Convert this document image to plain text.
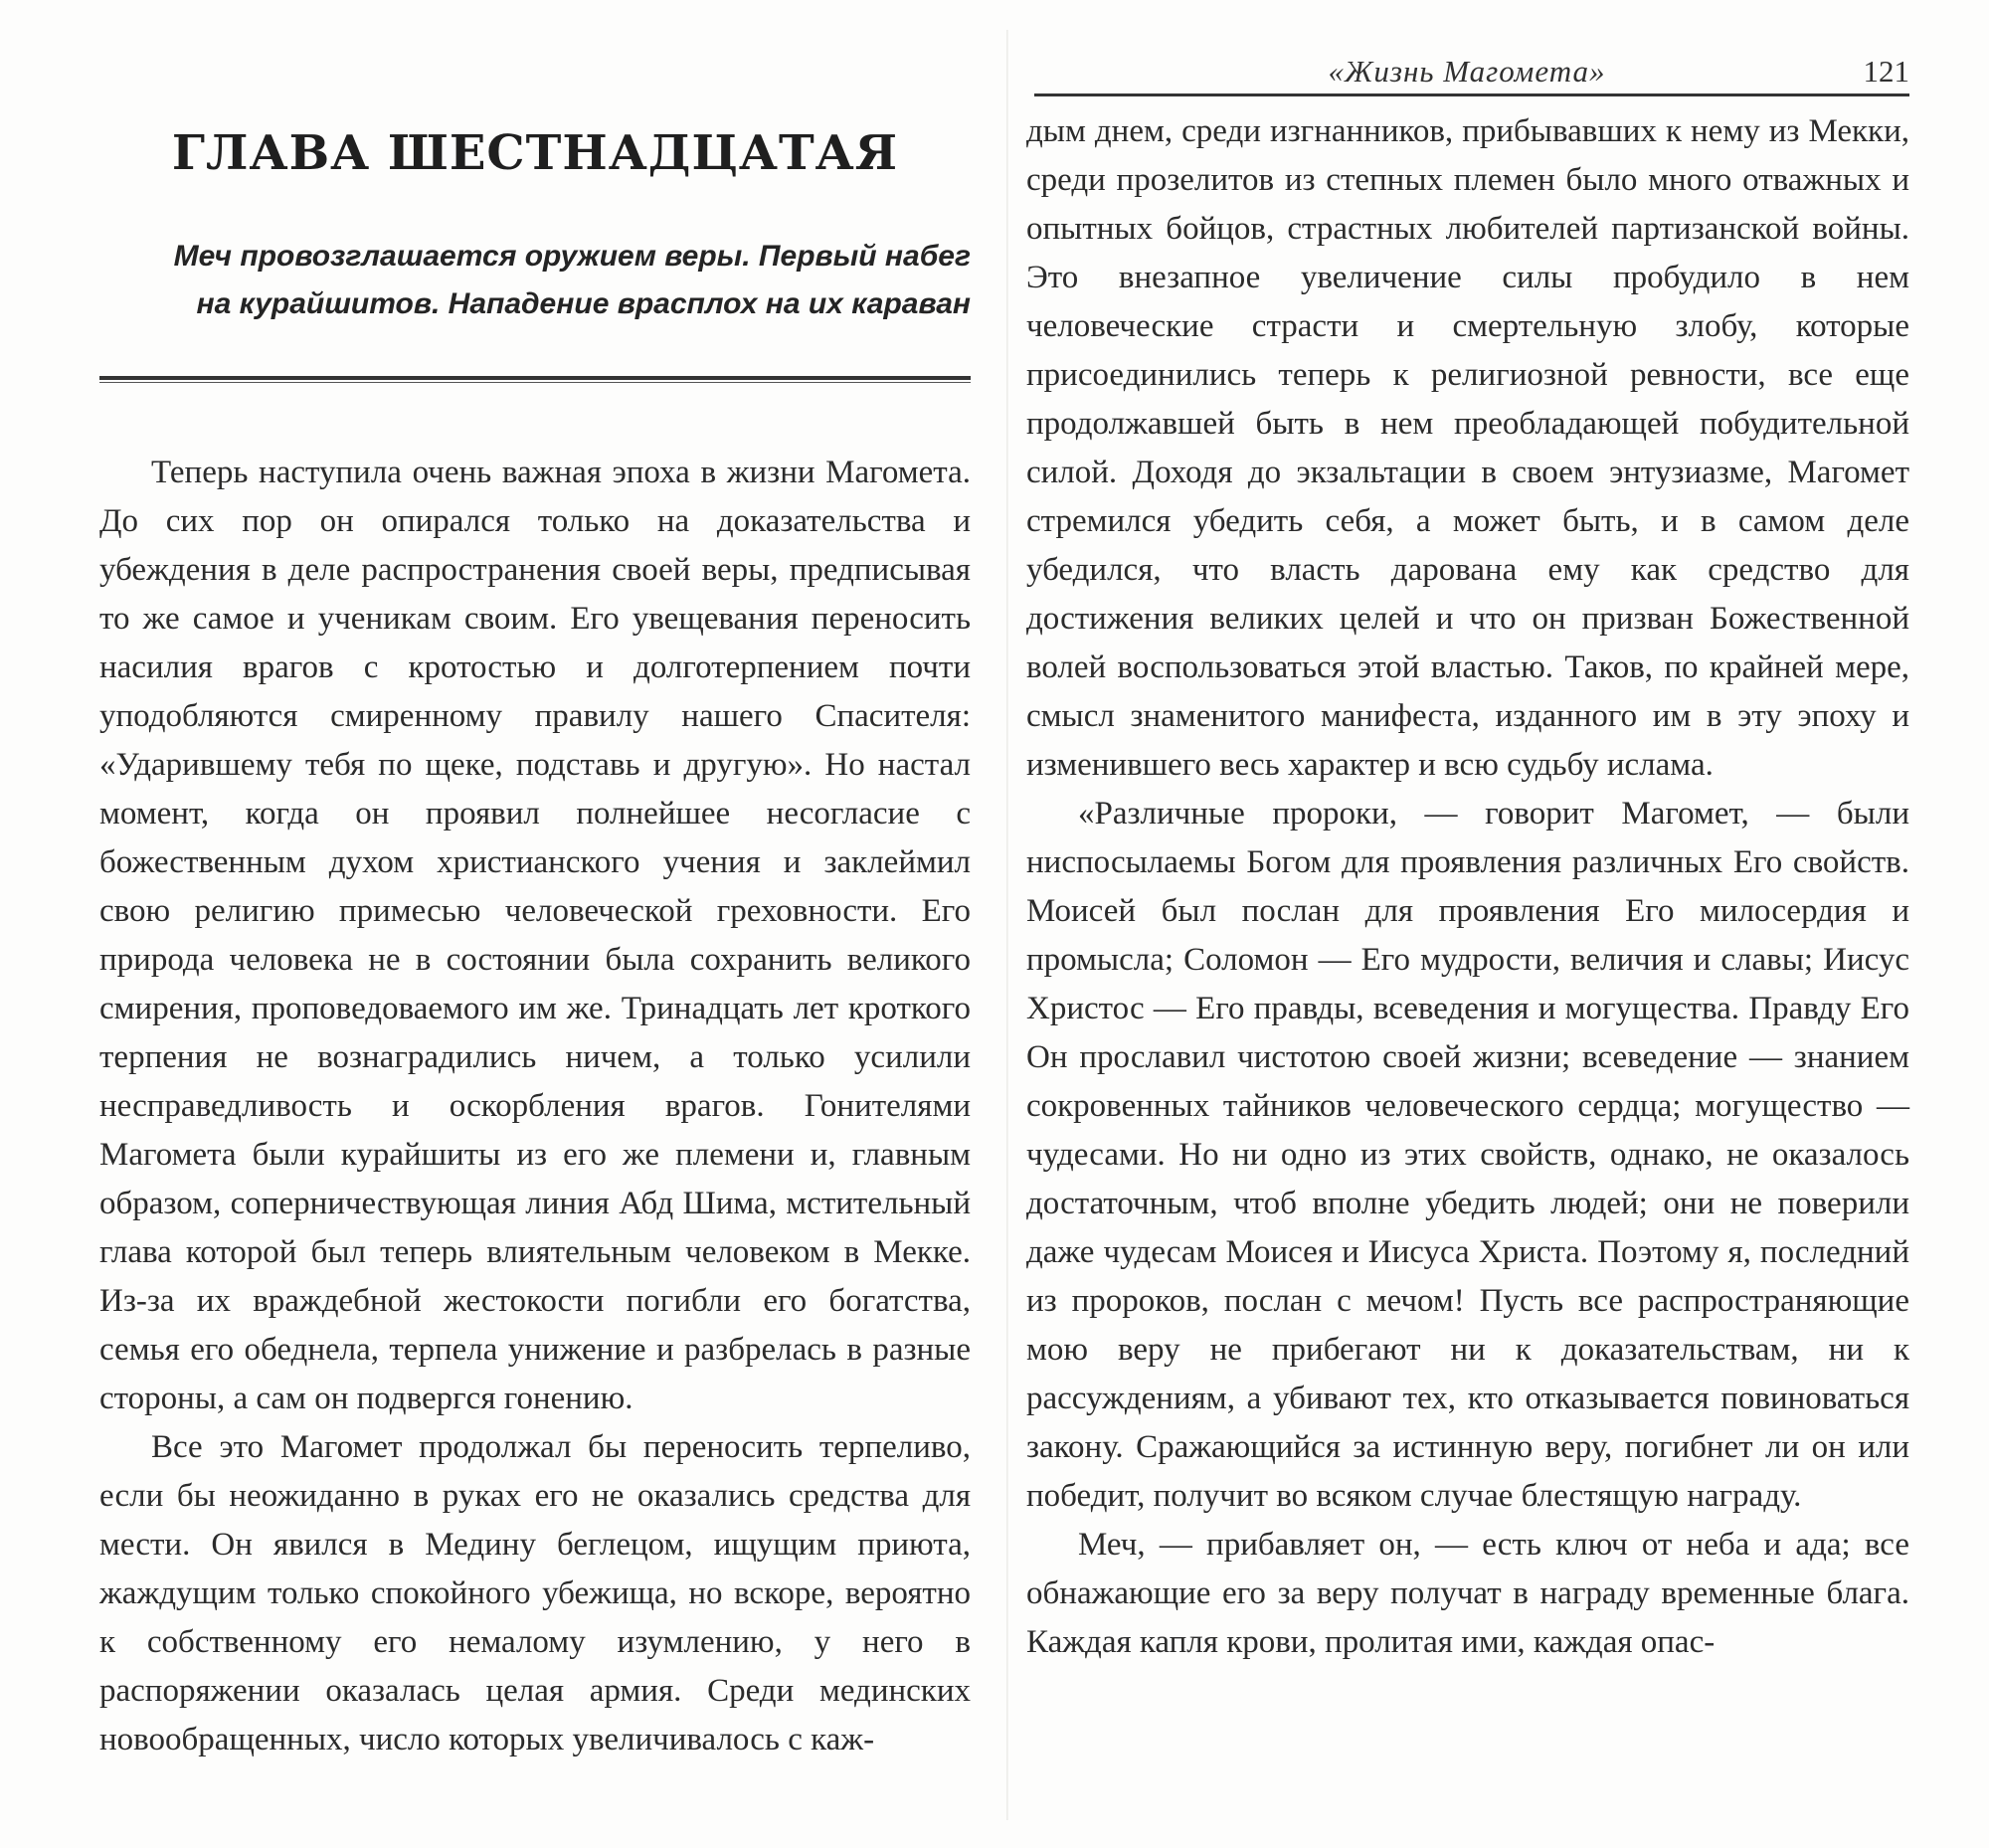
ГЛАВА ШЕСТНАДЦАТАЯ
Меч провозглашается оружием веры. Первый набег на курайшитов. Нападение врасплох на их караван

Теперь наступила очень важная эпоха в жизни Магомета. До сих пор он опирался только на доказательства и убеждения в деле распространения своей веры, предписывая то же самое и ученикам своим. Его увещевания переносить насилия врагов с кротостью и долготерпением почти уподобляются смиренному правилу нашего Спасителя: «Ударившему тебя по щеке, подставь и другую». Но настал момент, когда он проявил полнейшее несогласие с божественным духом христианского учения и заклеймил свою религию примесью человеческой греховности. Его природа человека не в состоянии была сохранить великого смирения, проповедоваемого им же. Тринадцать лет кроткого терпения не вознаградились ничем, а только усилили несправедливость и оскорбления врагов. Гонителями Магомета были курайшиты из его же племени и, главным образом, соперничествующая линия Абд Шима, мстительный глава которой был теперь влиятельным человеком в Мекке. Из-за их враждебной жестокости погибли его богатства, семья его обеднела, терпела унижение и разбрелась в разные стороны, а сам он подвергся гонению.

Все это Магомет продолжал бы переносить терпеливо, если бы неожиданно в руках его не оказались средства для мести. Он явился в Медину беглецом, ищущим приюта, жаждущим только спокойного убежища, но вскоре, вероятно к собственному его немалому изумлению, у него в распоряжении оказалась целая армия. Среди мединских новообращенных, число которых увеличивалось с каж-

«Жизнь Магомета»	121

дым днем, среди изгнанников, прибывавших к нему из Мекки, среди прозелитов из степных племен было много отважных и опытных бойцов, страстных любителей партизанской войны. Это внезапное увеличение силы пробудило в нем человеческие страсти и смертельную злобу, которые присоединились теперь к религиозной ревности, все еще продолжавшей быть в нем преобладающей побудительной силой. Доходя до экзальтации в своем энтузиазме, Магомет стремился убедить себя, а может быть, и в самом деле убедился, что власть дарована ему как средство для достижения великих целей и что он призван Божественной волей воспользоваться этой властью. Таков, по крайней мере, смысл знаменитого манифеста, изданного им в эту эпоху и изменившего весь характер и всю судьбу ислама.

«Различные пророки, — говорит Магомет, — были ниспосылаемы Богом для проявления различных Его свойств. Моисей был послан для проявления Его милосердия и промысла; Соломон — Его мудрости, величия и славы; Иисус Христос — Его правды, всеведения и могущества. Правду Его Он прославил чистотою своей жизни; всеведение — знанием сокровенных тайников человеческого сердца; могущество — чудесами. Но ни одно из этих свойств, однако, не оказалось достаточным, чтоб вполне убедить людей; они не поверили даже чудесам Моисея и Иисуса Христа. Поэтому я, последний из пророков, послан с мечом! Пусть все распространяющие мою веру не прибегают ни к доказательствам, ни к рассуждениям, а убивают тех, кто отказывается повиноваться закону. Сражающийся за истинную веру, погибнет ли он или победит, получит во всяком случае блестящую награду.

Меч, — прибавляет он, — есть ключ от неба и ада; все обнажающие его за веру получат в награду временные блага. Каждая капля крови, пролитая ими, каждая опас-
